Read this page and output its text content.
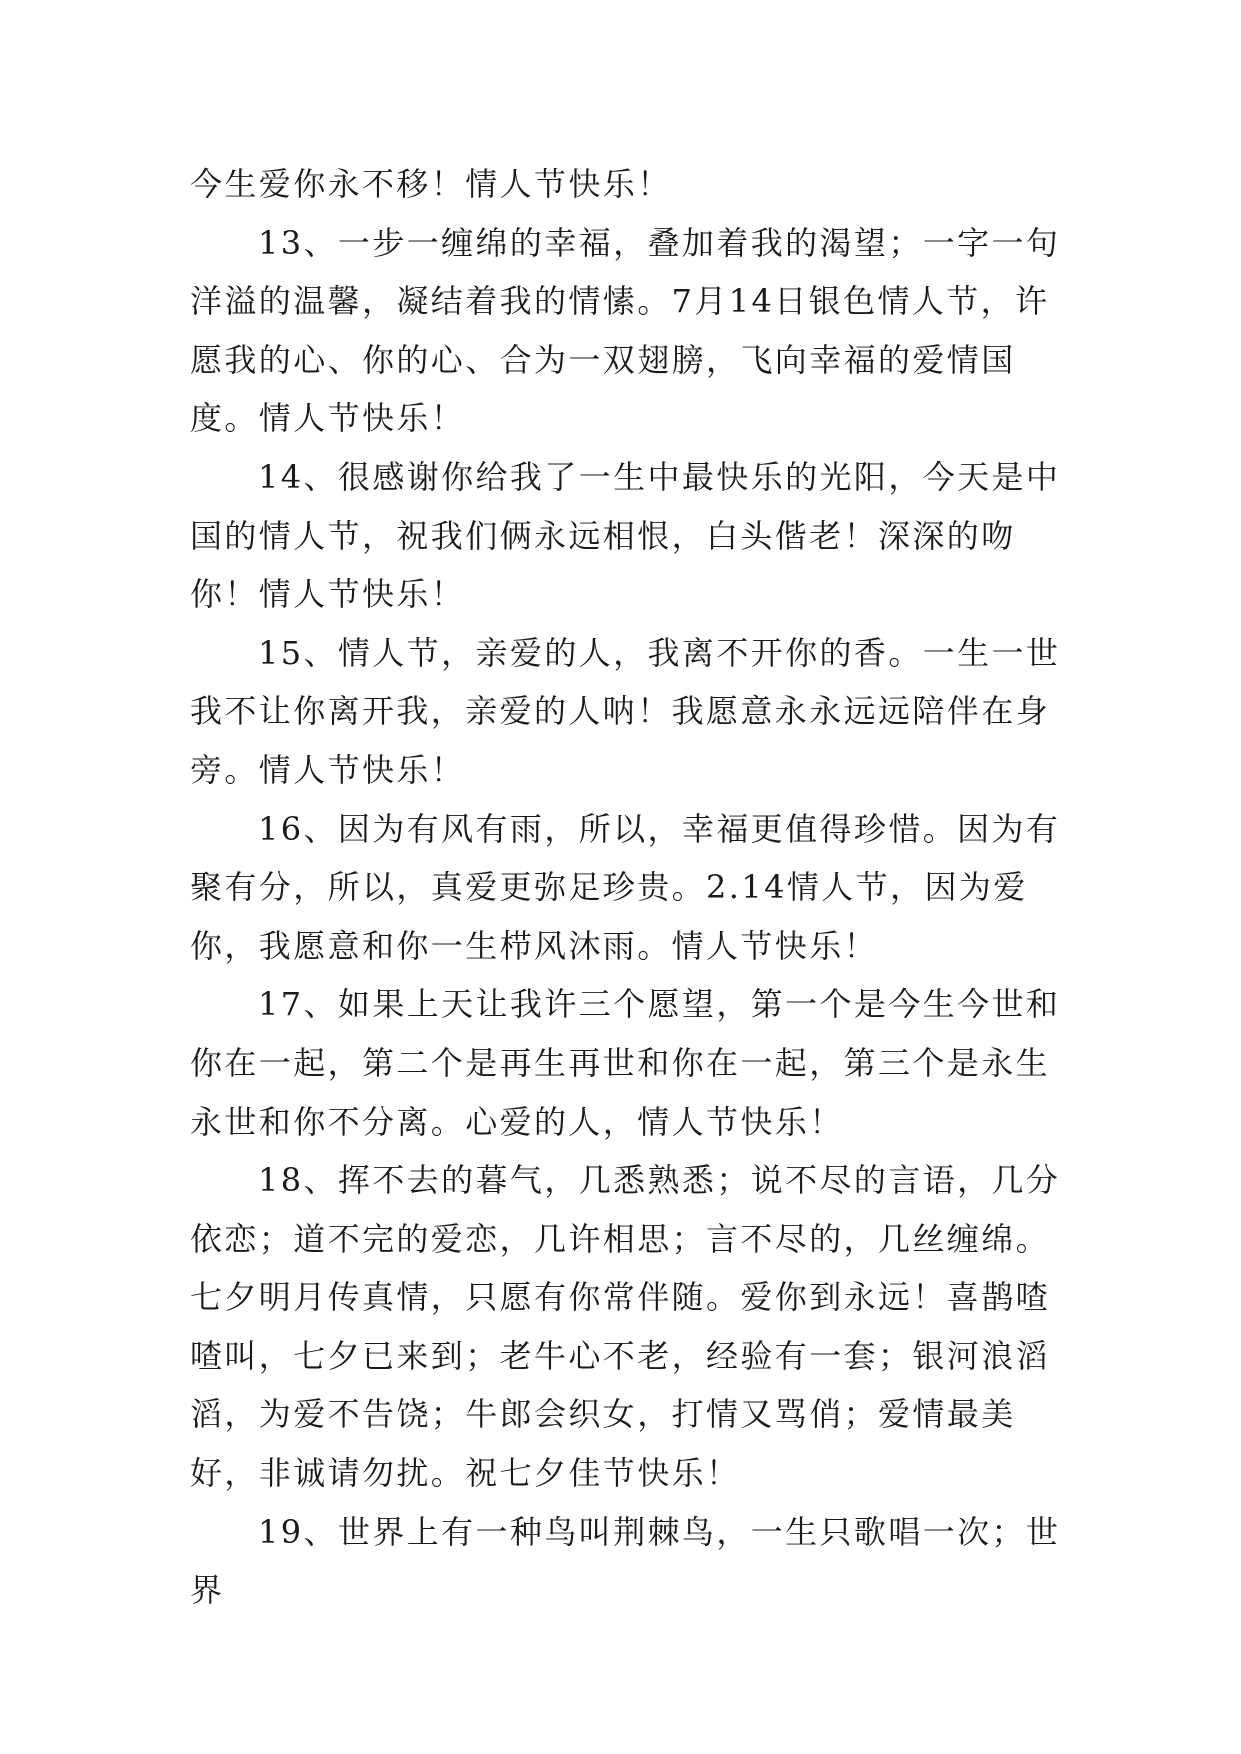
今生爱你永不移！情人节快乐！

13、一步一缠绵的幸福，叠加着我的渴望；一字一句洋溢的温馨，凝结着我的情愫。7月14日银色情人节，许愿我的心、你的心、合为一双翅膀，飞向幸福的爱情国度。情人节快乐！

14、很感谢你给我了一生中最快乐的光阳，今天是中国的情人节，祝我们俩永远相恨，白头偕老！深深的吻你！情人节快乐！

15、情人节，亲爱的人，我离不开你的香。一生一世我不让你离开我，亲爱的人呐！我愿意永永远远陪伴在身旁。情人节快乐！

16、因为有风有雨，所以，幸福更值得珍惜。因为有聚有分，所以，真爱更弥足珍贵。2.14情人节，因为爱你，我愿意和你一生栉风沐雨。情人节快乐！

17、如果上天让我许三个愿望，第一个是今生今世和你在一起，第二个是再生再世和你在一起，第三个是永生永世和你不分离。心爱的人，情人节快乐！

18、挥不去的暮气，几悉熟悉；说不尽的言语，几分依恋；道不完的爱恋，几许相思；言不尽的，几丝缠绵。七夕明月传真情，只愿有你常伴随。爱你到永远！喜鹊喳喳叫，七夕已来到；老牛心不老，经验有一套；银河浪滔滔，为爱不告饶；牛郎会织女，打情又骂俏；爱情最美好，非诚请勿扰。祝七夕佳节快乐！

19、世界上有一种鸟叫荆棘鸟，一生只歌唱一次；世界
